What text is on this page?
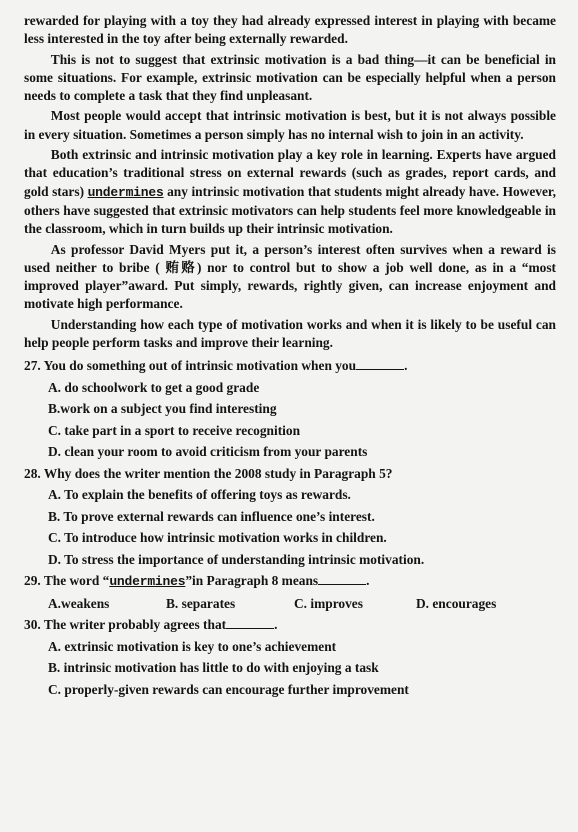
rewarded for playing with a toy they had already expressed interest in playing with became less interested in the toy after being externally rewarded.

This is not to suggest that extrinsic motivation is a bad thing—it can be beneficial in some situations. For example, extrinsic motivation can be especially helpful when a person needs to complete a task that they find unpleasant.

Most people would accept that intrinsic motivation is best, but it is not always possible in every situation. Sometimes a person simply has no internal wish to join in an activity.

Both extrinsic and intrinsic motivation play a key role in learning. Experts have argued that education’s traditional stress on external rewards (such as grades, report cards, and gold stars) undermines any intrinsic motivation that students might already have. However, others have suggested that extrinsic motivators can help students feel more knowledgeable in the classroom, which in turn builds up their intrinsic motivation.

As professor David Myers put it, a person’s interest often survives when a reward is used neither to bribe ( 贿赂) nor to control but to show a job well done, as in a “most improved player”award. Put simply, rewards, rightly given, can increase enjoyment and motivate high performance.

Understanding how each type of motivation works and when it is likely to be useful can help people perform tasks and improve their learning.

27. You do something out of intrinsic motivation when you	.

A. do schoolwork to get a good grade

B.work on a subject you find interesting

C. take part in a sport to receive recognition

D. clean your room to avoid criticism from your parents

28. Why does the writer mention the 2008 study in Paragraph 5?

A. To explain the benefits of offering toys as rewards.

B. To prove external rewards can influence one’s interest.

C. To introduce how intrinsic motivation works in children.

D. To stress the importance of understanding intrinsic motivation.

29. The word “undermines”in Paragraph 8 means	.

A.weakens	B. separates	C. improves	D. encourages

30. The writer probably agrees that	.

A. extrinsic motivation is key to one’s achievement

B. intrinsic motivation has little to do with enjoying a task

C. properly-given rewards can encourage further improvement
